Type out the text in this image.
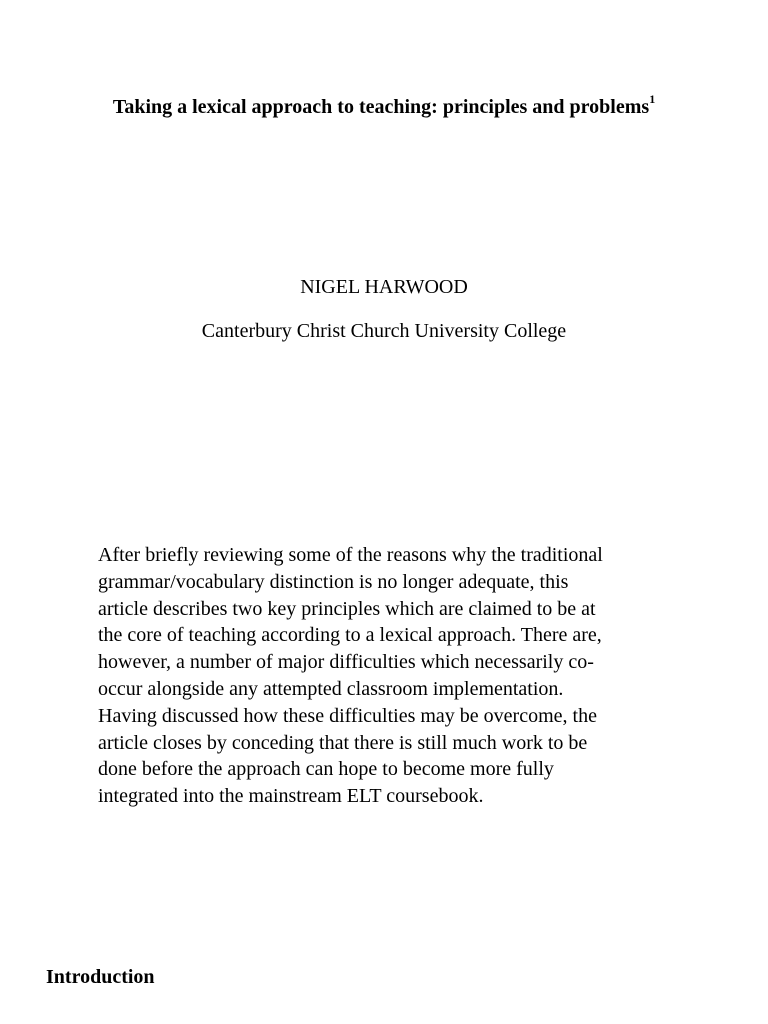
Taking a lexical approach to teaching: principles and problems$^1$
NIGEL HARWOOD
Canterbury Christ Church University College

After briefly reviewing some of the reasons why the traditional
grammar/vocabulary distinction is no longer adequate, this
article describes two key principles which are claimed to be at
the core of teaching according to a lexical approach. There are,
however, a number of major difficulties which necessarily co-
occur alongside any attempted classroom implementation.
Having discussed how these difficulties may be overcome, the
article closes by conceding that there is still much work to be
done before the approach can hope to become more fully
integrated into the mainstream ELT coursebook.

Introduction
